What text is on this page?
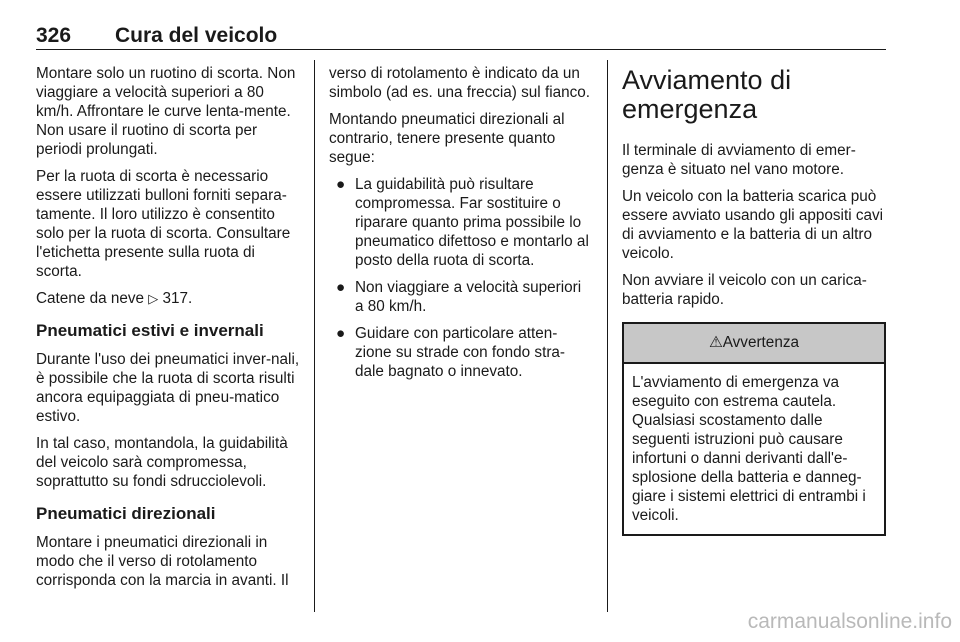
326 Cura del veicolo

Montare solo un ruotino di scorta. Non viaggiare a velocità superiori a 80 km/h. Affrontare le curve lenta-mente. Non usare il ruotino di scorta per periodi prolungati.

Per la ruota di scorta è necessario essere utilizzati bulloni forniti separa-tamente. Il loro utilizzo è consentito solo per la ruota di scorta. Consultare l'etichetta presente sulla ruota di scorta.

Catene da neve ▷ 317.

Pneumatici estivi e invernali

Durante l'uso dei pneumatici inver-nali, è possibile che la ruota di scorta risulti ancora equipaggiata di pneu-matico estivo.

In tal caso, montandola, la guidabilità del veicolo sarà compromessa, soprattutto su fondi sdrucciolevoli.

Pneumatici direzionali

Montare i pneumatici direzionali in modo che il verso di rotolamento corrisponda con la marcia in avanti. Il

verso di rotolamento è indicato da un simbolo (ad es. una freccia) sul fianco.

Montando pneumatici direzionali al contrario, tenere presente quanto segue:

● La guidabilità può risultare compromessa. Far sostituire o riparare quanto prima possibile lo pneumatico difettoso e montarlo al posto della ruota di scorta.
● Non viaggiare a velocità superiori a 80 km/h.
● Guidare con particolare atten-zione su strade con fondo stra-dale bagnato o innevato.
Avviamento di emergenza

Il terminale di avviamento di emer-genza è situato nel vano motore.

Un veicolo con la batteria scarica può essere avviato usando gli appositi cavi di avviamento e la batteria di un altro veicolo.

Non avviare il veicolo con un carica-batteria rapido.

⚠Avvertenza
L'avviamento di emergenza va eseguito con estrema cautela. Qualsiasi scostamento dalle seguenti istruzioni può causare infortuni o danni derivanti dall'e-splosione della batteria e danneg-giare i sistemi elettrici di entrambi i veicoli.
carmanualsonline.info
